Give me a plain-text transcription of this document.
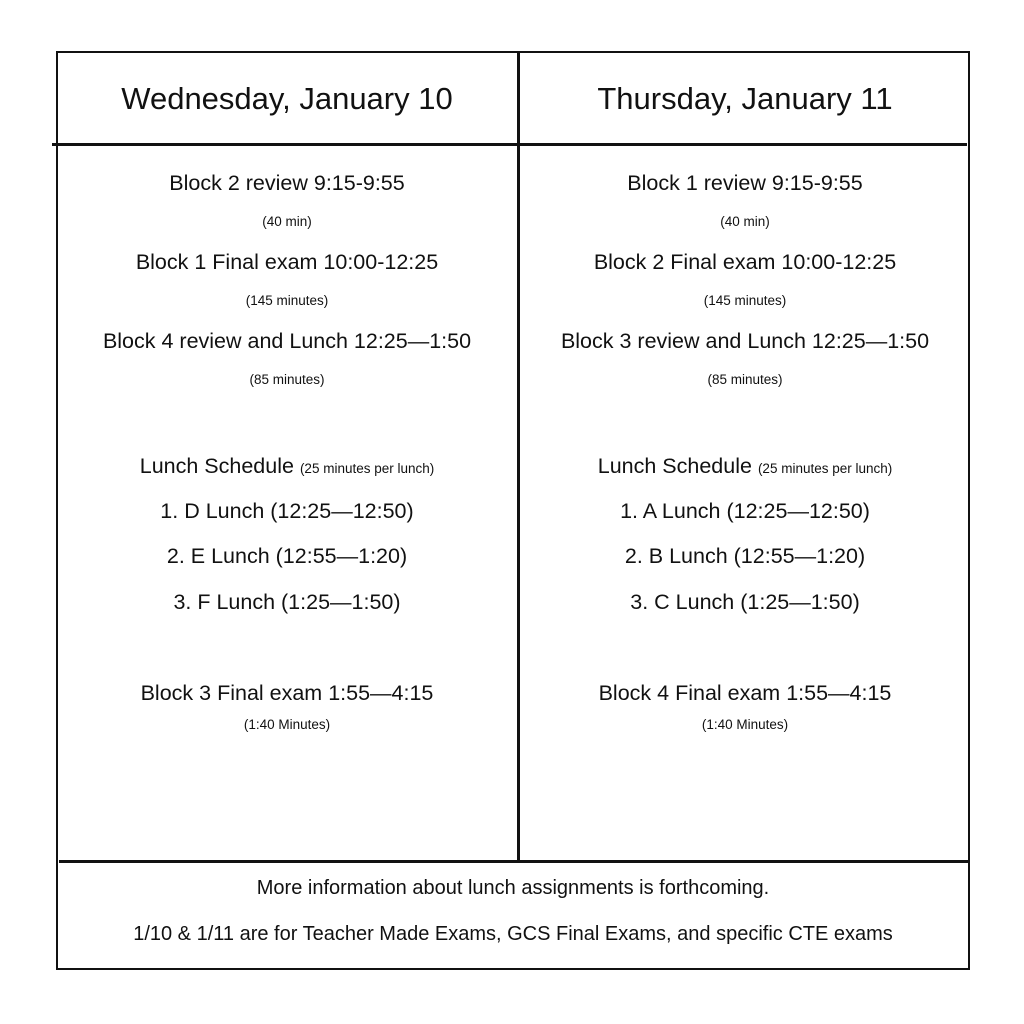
Wednesday, January 10
Block 2 review 9:15-9:55
(40 min)
Block 1 Final exam 10:00-12:25
(145 minutes)
Block 4 review and Lunch 12:25—1:50
(85 minutes)
Lunch Schedule (25 minutes per lunch)
1. D Lunch (12:25—12:50)
2. E Lunch (12:55—1:20)
3. F Lunch (1:25—1:50)
Block 3 Final exam 1:55—4:15
(1:40 Minutes)
Thursday, January 11
Block 1 review 9:15-9:55
(40 min)
Block 2 Final exam 10:00-12:25
(145 minutes)
Block 3 review and Lunch 12:25—1:50
(85 minutes)
Lunch Schedule (25 minutes per lunch)
1. A Lunch (12:25—12:50)
2. B Lunch (12:55—1:20)
3. C Lunch (1:25—1:50)
Block 4 Final exam 1:55—4:15
(1:40 Minutes)
More information about lunch assignments is forthcoming.
1/10 & 1/11 are for Teacher Made Exams, GCS Final Exams, and specific CTE exams
